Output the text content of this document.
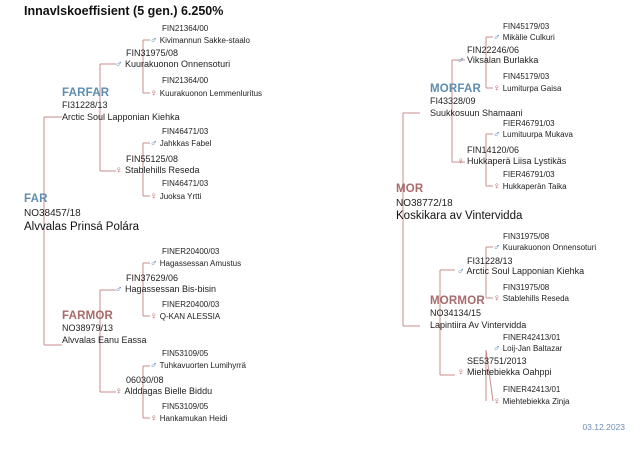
Innavlskoeffisient (5 gen.) 6.250%
FAR
NO38457/18
Alvvalas Prinsá Polára
FARFAR
FI31228/13
Arctic Soul Lapponian Kiehka
FIN31975/08
♂ Kuurakuonon Onnensoturi
FIN21364/00
♂ Kivimannun Sakke-staalo
FIN21364/00
♀ Kuurakuonon Lemmenluritus
FIN55125/08
♀ Stablehills Reseda
FIN46471/03
♂ Jahkkas Fabel
FIN46471/03
♀ Juoksa Yrtti
FARMOR
NO38979/13
Alvvalas Eanu Eassa
FIN37629/06
♂ Hagassessan Bis-bisin
FINER20400/03
♂ Hagassessan Amustus
FINER20400/03
♀ Q-KAN ALESSIA
06030/08
♀ Alddagas Bielle Biddu
FIN53109/05
♂ Tuhkavuorten Lumihyrrä
FIN53109/05
♀ Hankamukan Heidi
MOR
NO38772/18
Koskikara av Vintervidda
MORFAR
FI43328/09
Suukkosuun Shamaani
FIN22246/06
♂ Viksalan Burlakka
FIN45179/03
♂ Mikälie Culkuri
FIN45179/03
♀ Lumiturpa Gaisa
FIN14120/06
♀ Hukkaperä Liisa Lystikäs
FIER46791/03
♂ Lumituurpa Mukava
FIER46791/03
♀ Hukkaperän Taika
MORMOR
NO34134/15
Lapintiira Av Vintervidda
FI31228/13
♂ Arctic Soul Lapponian Kiehka
FIN31975/08
♂ Kuurakuonon Onnensoturi
FIN31975/08
♀ Stablehills Reseda
SE53751/2013
♀ Miehtebiekka Oahppi
FINER42413/01
♂ Loij-Jan Baltazar
FINER42413/01
♀ Miehtebiekka Zinja
03.12.2023
